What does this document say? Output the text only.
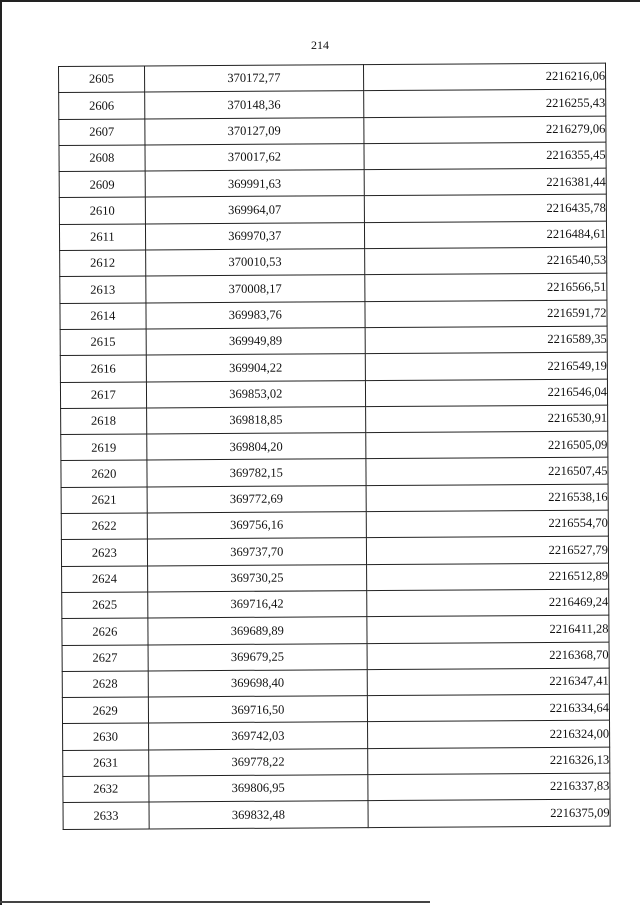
214
2605	370172,77	2216216,06
2606	370148,36	2216255,43
2607	370127,09	2216279,06
2608	370017,62	2216355,45
2609	369991,63	2216381,44
2610	369964,07	2216435,78
2611	369970,37	2216484,61
2612	370010,53	2216540,53
2613	370008,17	2216566,51
2614	369983,76	2216591,72
2615	369949,89	2216589,35
2616	369904,22	2216549,19
2617	369853,02	2216546,04
2618	369818,85	2216530,91
2619	369804,20	2216505,09
2620	369782,15	2216507,45
2621	369772,69	2216538,16
2622	369756,16	2216554,70
2623	369737,70	2216527,79
2624	369730,25	2216512,89
2625	369716,42	2216469,24
2626	369689,89	2216411,28
2627	369679,25	2216368,70
2628	369698,40	2216347,41
2629	369716,50	2216334,64
2630	369742,03	2216324,00
2631	369778,22	2216326,13
2632	369806,95	2216337,83
2633	369832,48	2216375,09
